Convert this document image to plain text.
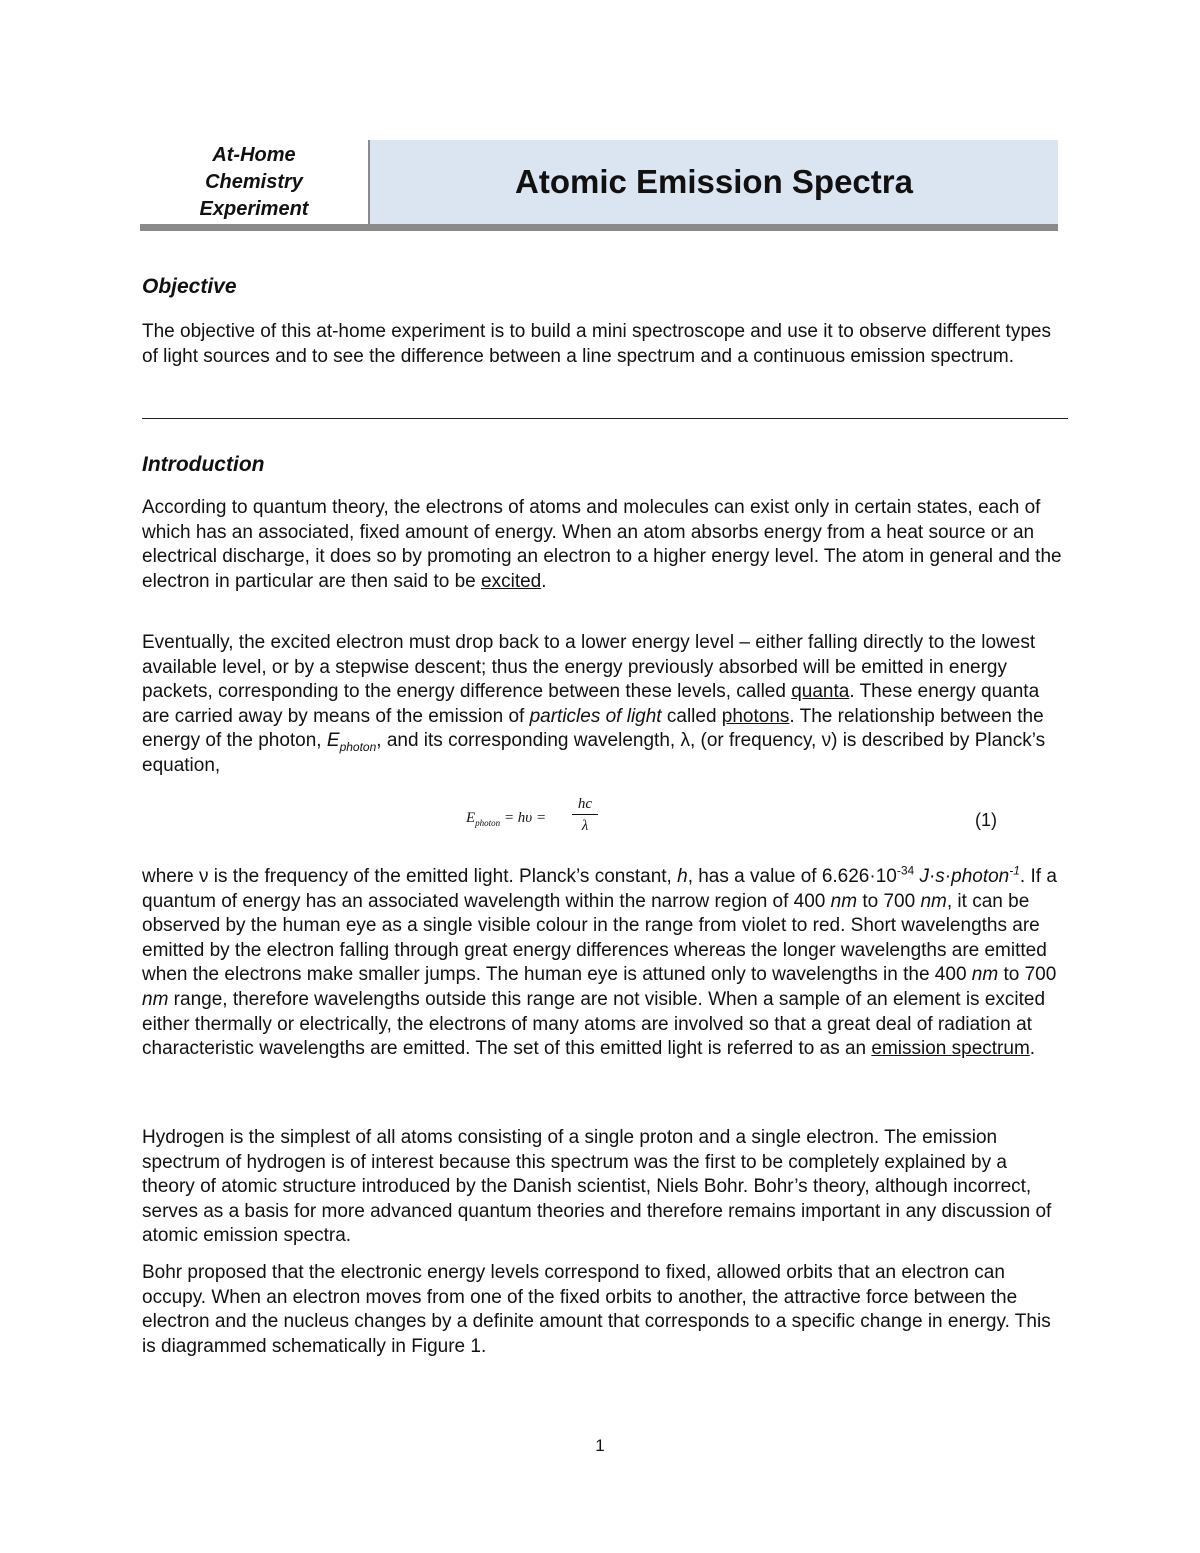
At-Home
Chemistry
Experiment
Atomic Emission Spectra
Objective

The objective of this at-home experiment is to build a mini spectroscope and use it to observe different types of light sources and to see the difference between a line spectrum and a continuous emission spectrum.

Introduction

According to quantum theory, the electrons of atoms and molecules can exist only in certain states, each of which has an associated, fixed amount of energy. When an atom absorbs energy from a heat source or an electrical discharge, it does so by promoting an electron to a higher energy level. The atom in general and the electron in particular are then said to be excited.

Eventually, the excited electron must drop back to a lower energy level – either falling directly to the lowest available level, or by a stepwise descent; thus the energy previously absorbed will be emitted in energy packets, corresponding to the energy difference between these levels, called quanta. These energy quanta are carried away by means of the emission of particles of light called photons. The relationship between the energy of the photon, $E_{photon}$, and its corresponding wavelength, λ, (or frequency, ν) is described by Planck’s equation,

$E_{photon} = h\upsilon = \frac{hc}{\lambda}$	(1)

where ν is the frequency of the emitted light. Planck’s constant, h, has a value of $6.626\cdot 10^{-34}$ J·s·photon$^{-1}$. If a quantum of energy has an associated wavelength within the narrow region of 400 nm to 700 nm, it can be observed by the human eye as a single visible colour in the range from violet to red. Short wavelengths are emitted by the electron falling through great energy differences whereas the longer wavelengths are emitted when the electrons make smaller jumps. The human eye is attuned only to wavelengths in the 400 nm to 700 nm range, therefore wavelengths outside this range are not visible. When a sample of an element is excited either thermally or electrically, the electrons of many atoms are involved so that a great deal of radiation at characteristic wavelengths are emitted. The set of this emitted light is referred to as an emission spectrum.

Hydrogen is the simplest of all atoms consisting of a single proton and a single electron. The emission spectrum of hydrogen is of interest because this spectrum was the first to be completely explained by a theory of atomic structure introduced by the Danish scientist, Niels Bohr. Bohr’s theory, although incorrect, serves as a basis for more advanced quantum theories and therefore remains important in any discussion of atomic emission spectra.

Bohr proposed that the electronic energy levels correspond to fixed, allowed orbits that an electron can occupy. When an electron moves from one of the fixed orbits to another, the attractive force between the electron and the nucleus changes by a definite amount that corresponds to a specific change in energy. This is diagrammed schematically in Figure 1.

1
